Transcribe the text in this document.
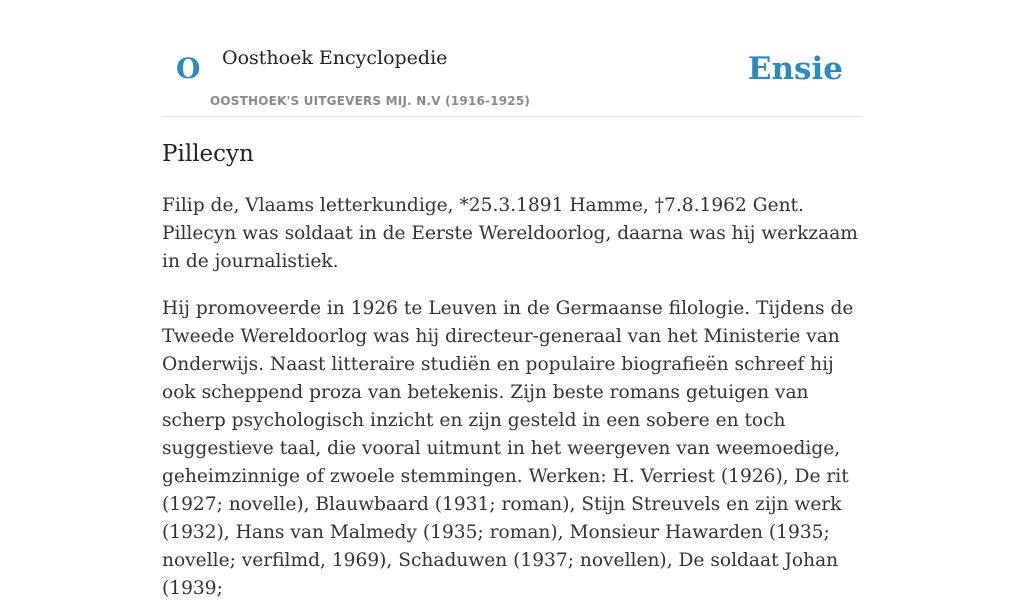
O Oosthoek Encyclopedie
OOSTHOEK'S UITGEVERS MIJ. N.V (1916-1925)
Ensie
Pillecyn

Filip de, Vlaams letterkundige, *25.3.1891 Hamme, †7.8.1962 Gent. Pillecyn was soldaat in de Eerste Wereldoorlog, daarna was hij werkzaam in de journalistiek.

Hij promoveerde in 1926 te Leuven in de Germaanse filologie. Tijdens de Tweede Wereldoorlog was hij directeur-generaal van het Ministerie van Onderwijs. Naast litteraire studiën en populaire biografieën schreef hij ook scheppend proza van betekenis. Zijn beste romans getuigen van scherp psychologisch inzicht en zijn gesteld in een sobere en toch suggestieve taal, die vooral uitmunt in het weergeven van weemoedige, geheimzinnige of zwoele stemmingen. Werken: H. Verriest (1926), De rit (1927; novelle), Blauwbaard (1931; roman), Stijn Streuvels en zijn werk (1932), Hans van Malmedy (1935; roman), Monsieur Hawarden (1935; novelle; verfilmd, 1969), Schaduwen (1937; novellen), De soldaat Johan (1939;
